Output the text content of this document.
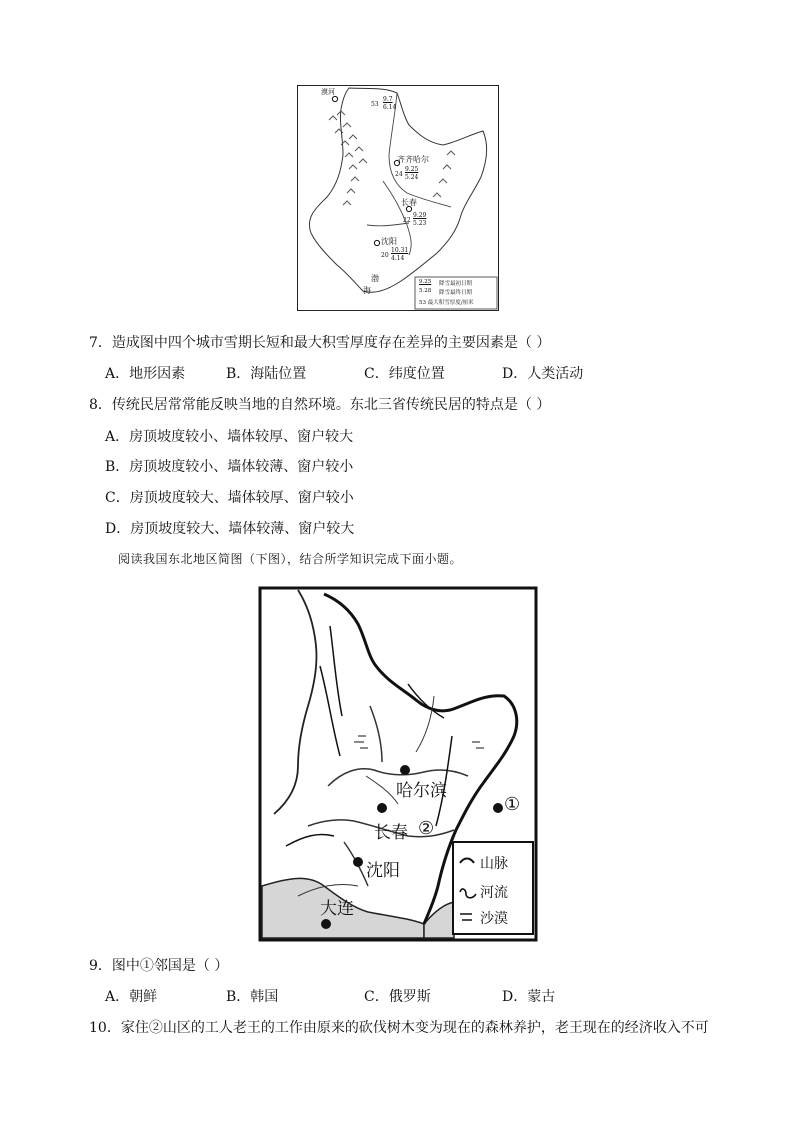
漠河
53
9.7
6.14
齐齐哈尔
24
9.25
5.24
长春
22
9.29
5.23
沈阳
20
10.31
4.14
渤
海
9.25 降雪最初日期
5.28 降雪最终日期
53 最大积雪厚度/厘米
7．造成图中四个城市雪期长短和最大积雪厚度存在差异的主要因素是（ ）
A．地形因素	B．海陆位置	C．纬度位置	D．人类活动
8．传统民居常常能反映当地的自然环境。东北三省传统民居的特点是（ ）
A．房顶坡度较小、墙体较厚、窗户较大
B．房顶坡度较小、墙体较薄、窗户较小
C．房顶坡度较大、墙体较厚、窗户较小
D．房顶坡度较大、墙体较薄、窗户较大
阅读我国东北地区简图（下图），结合所学知识完成下面小题。
哈尔滨
长春 ②
沈阳
大连
①
山脉
河流
沙漠
9．图中①邻国是（ ）
A．朝鲜	B．韩国	C．俄罗斯	D．蒙古
10．家住②山区的工人老王的工作由原来的砍伐树木变为现在的森林养护，老王现在的经济收入不可
